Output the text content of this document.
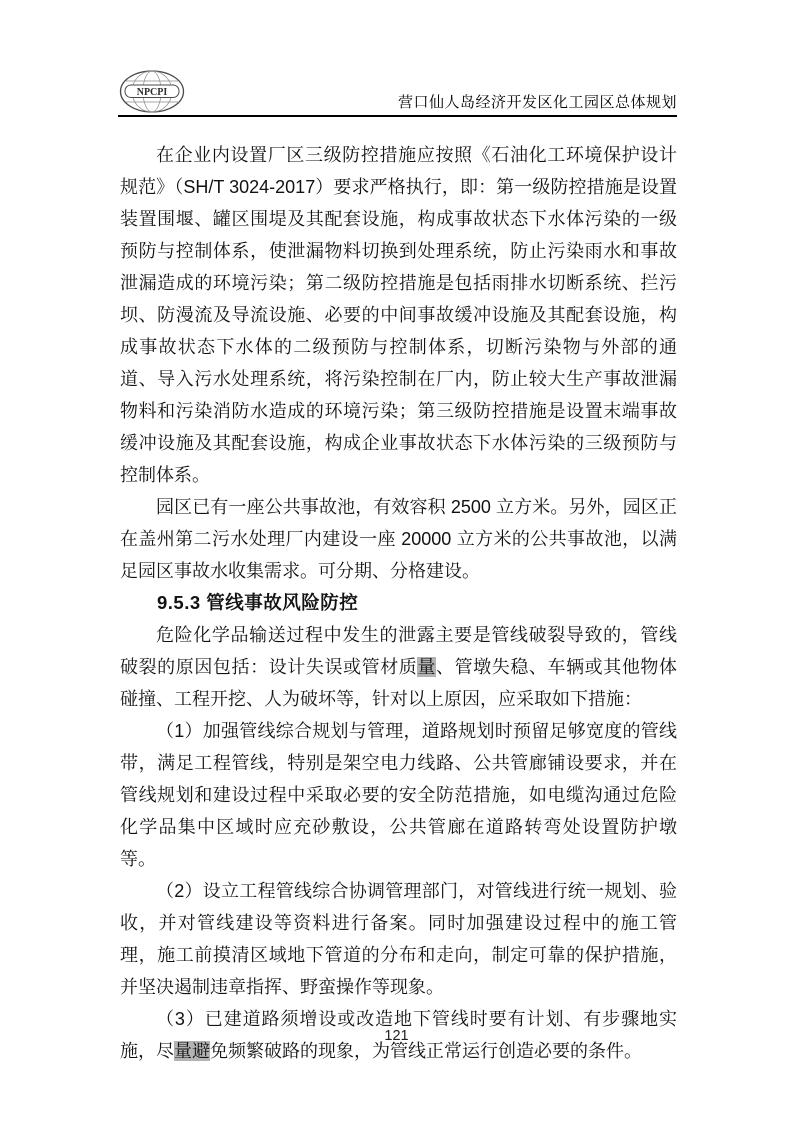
NPCPI
营口仙人岛经济开发区化工园区总体规划

在企业内设置厂区三级防控措施应按照《石油化工环境保护设计规范》（SH/T 3024-2017）要求严格执行，即：第一级防控措施是设置装置围堰、罐区围堤及其配套设施，构成事故状态下水体污染的一级预防与控制体系，使泄漏物料切换到处理系统，防止污染雨水和事故泄漏造成的环境污染；第二级防控措施是包括雨排水切断系统、拦污坝、防漫流及导流设施、必要的中间事故缓冲设施及其配套设施，构成事故状态下水体的二级预防与控制体系，切断污染物与外部的通道、导入污水处理系统，将污染控制在厂内，防止较大生产事故泄漏物料和污染消防水造成的环境污染；第三级防控措施是设置末端事故缓冲设施及其配套设施，构成企业事故状态下水体污染的三级预防与控制体系。

园区已有一座公共事故池，有效容积 2500 立方米。另外，园区正在盖州第二污水处理厂内建设一座 20000 立方米的公共事故池，以满足园区事故水收集需求。可分期、分格建设。

9.5.3 管线事故风险防控

危险化学品输送过程中发生的泄露主要是管线破裂导致的，管线破裂的原因包括：设计失误或管材质量、管墩失稳、车辆或其他物体碰撞、工程开挖、人为破坏等，针对以上原因，应采取如下措施：

（1）加强管线综合规划与管理，道路规划时预留足够宽度的管线带，满足工程管线，特别是架空电力线路、公共管廊铺设要求，并在管线规划和建设过程中采取必要的安全防范措施，如电缆沟通过危险化学品集中区域时应充砂敷设，公共管廊在道路转弯处设置防护墩等。

（2）设立工程管线综合协调管理部门，对管线进行统一规划、验收，并对管线建设等资料进行备案。同时加强建设过程中的施工管理，施工前摸清区域地下管道的分布和走向，制定可靠的保护措施，并坚决遏制违章指挥、野蛮操作等现象。

（3）已建道路须增设或改造地下管线时要有计划、有步骤地实施，尽量避免频繁破路的现象，为管线正常运行创造必要的条件。

121
